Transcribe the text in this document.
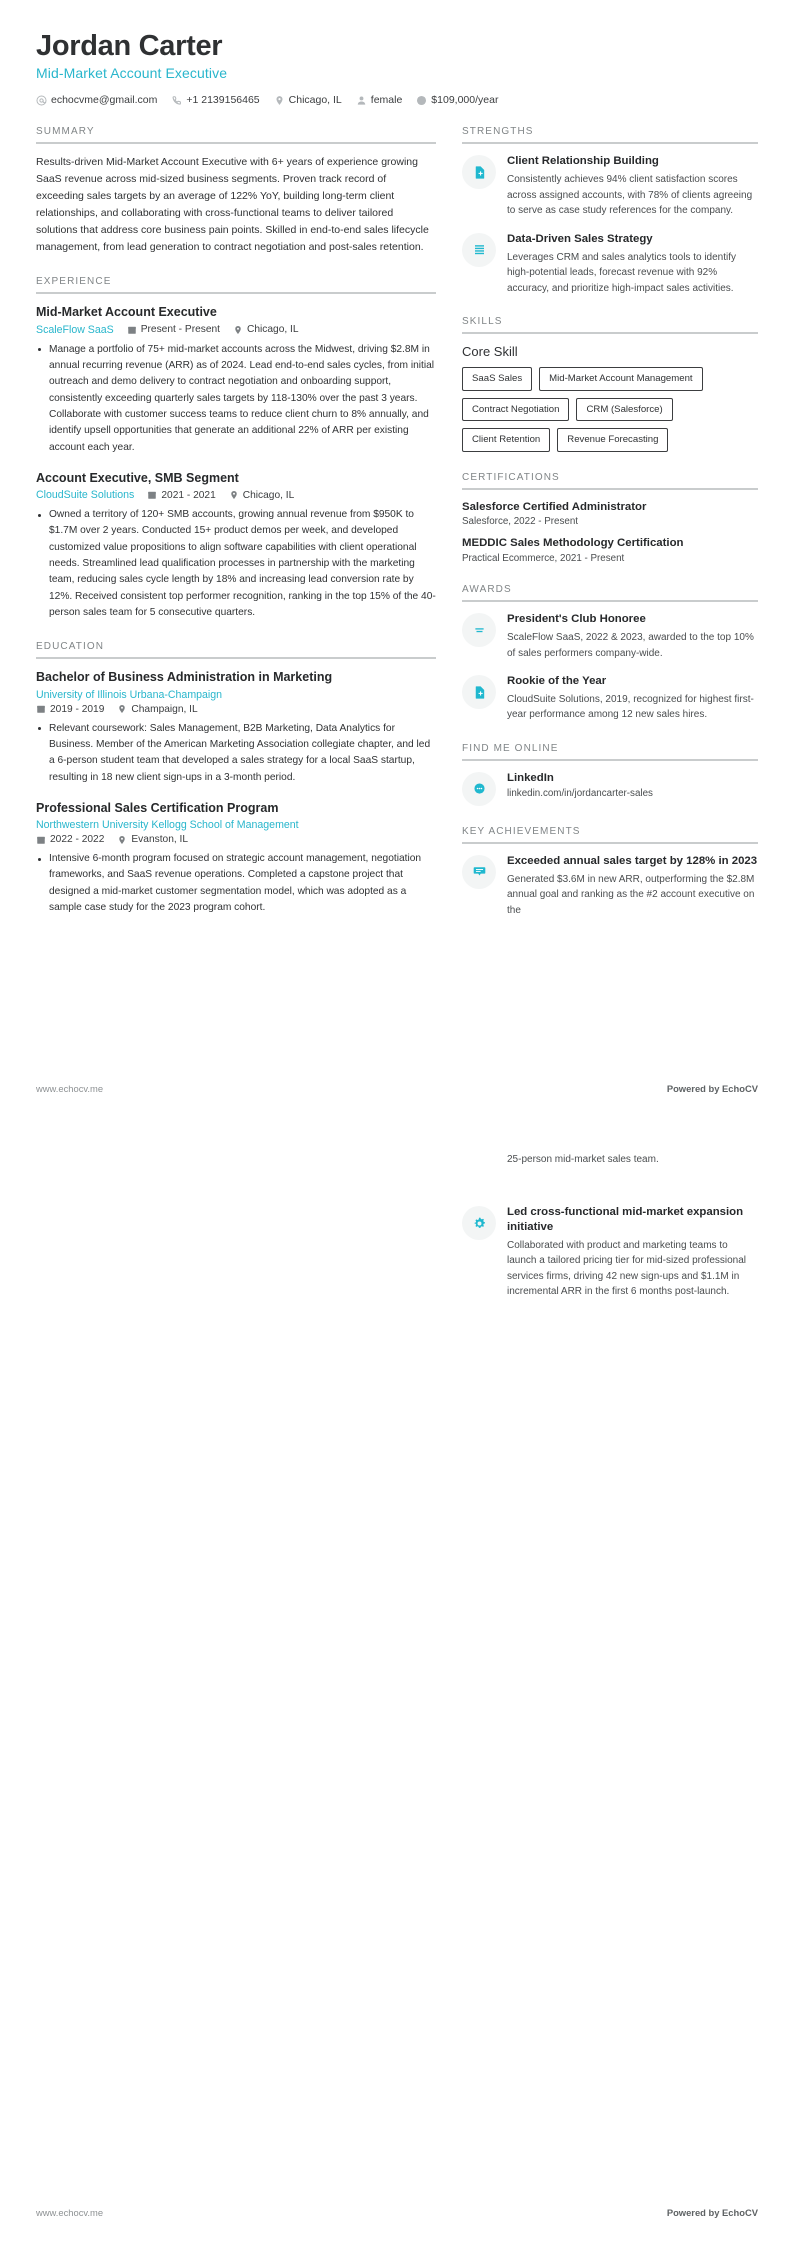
Jordan Carter
Mid-Market Account Executive
echocvme@gmail.com	+1 2139156465	Chicago, IL	female	$109,000/year
SUMMARY
Results-driven Mid-Market Account Executive with 6+ years of experience growing SaaS revenue across mid-sized business segments. Proven track record of exceeding sales targets by an average of 122% YoY, building long-term client relationships, and collaborating with cross-functional teams to deliver tailored solutions that address core business pain points. Skilled in end-to-end sales lifecycle management, from lead generation to contract negotiation and post-sales retention.
EXPERIENCE
Mid-Market Account Executive
ScaleFlow SaaS	Present - Present	Chicago, IL
Manage a portfolio of 75+ mid-market accounts across the Midwest, driving $2.8M in annual recurring revenue (ARR) as of 2024. Lead end-to-end sales cycles, from initial outreach and demo delivery to contract negotiation and onboarding support, consistently exceeding quarterly sales targets by 118-130% over the past 3 years. Collaborate with customer success teams to reduce client churn to 8% annually, and identify upsell opportunities that generate an additional 22% of ARR per existing account each year.
Account Executive, SMB Segment
CloudSuite Solutions	2021 - 2021	Chicago, IL
Owned a territory of 120+ SMB accounts, growing annual revenue from $950K to $1.7M over 2 years. Conducted 15+ product demos per week, and developed customized value propositions to align software capabilities with client operational needs. Streamlined lead qualification processes in partnership with the marketing team, reducing sales cycle length by 18% and increasing lead conversion rate by 12%. Received consistent top performer recognition, ranking in the top 15% of the 40-person sales team for 5 consecutive quarters.
EDUCATION
Bachelor of Business Administration in Marketing
University of Illinois Urbana-Champaign
2019 - 2019	Champaign, IL
Relevant coursework: Sales Management, B2B Marketing, Data Analytics for Business. Member of the American Marketing Association collegiate chapter, and led a 6-person student team that developed a sales strategy for a local SaaS startup, resulting in 18 new client sign-ups in a 3-month period.
Professional Sales Certification Program
Northwestern University Kellogg School of Management
2022 - 2022	Evanston, IL
Intensive 6-month program focused on strategic account management, negotiation frameworks, and SaaS revenue operations. Completed a capstone project that designed a mid-market customer segmentation model, which was adopted as a sample case study for the 2023 program cohort.
STRENGTHS
Client Relationship Building
Consistently achieves 94% client satisfaction scores across assigned accounts, with 78% of clients agreeing to serve as case study references for the company.
Data-Driven Sales Strategy
Leverages CRM and sales analytics tools to identify high-potential leads, forecast revenue with 92% accuracy, and prioritize high-impact sales activities.
SKILLS
Core Skill
SaaS Sales	Mid-Market Account Management
Contract Negotiation	CRM (Salesforce)
Client Retention	Revenue Forecasting
CERTIFICATIONS
Salesforce Certified Administrator
Salesforce, 2022 - Present
MEDDIC Sales Methodology Certification
Practical Ecommerce, 2021 - Present
AWARDS
President's Club Honoree
ScaleFlow SaaS, 2022 & 2023, awarded to the top 10% of sales performers company-wide.
Rookie of the Year
CloudSuite Solutions, 2019, recognized for highest first-year performance among 12 new sales hires.
FIND ME ONLINE
LinkedIn
linkedin.com/in/jordancarter-sales
KEY ACHIEVEMENTS
Exceeded annual sales target by 128% in 2023
Generated $3.6M in new ARR, outperforming the $2.8M annual goal and ranking as the #2 account executive on the
www.echocv.me	Powered by EchoCV
25-person mid-market sales team.
Led cross-functional mid-market expansion initiative
Collaborated with product and marketing teams to launch a tailored pricing tier for mid-sized professional services firms, driving 42 new sign-ups and $1.1M in incremental ARR in the first 6 months post-launch.
www.echocv.me	Powered by EchoCV
